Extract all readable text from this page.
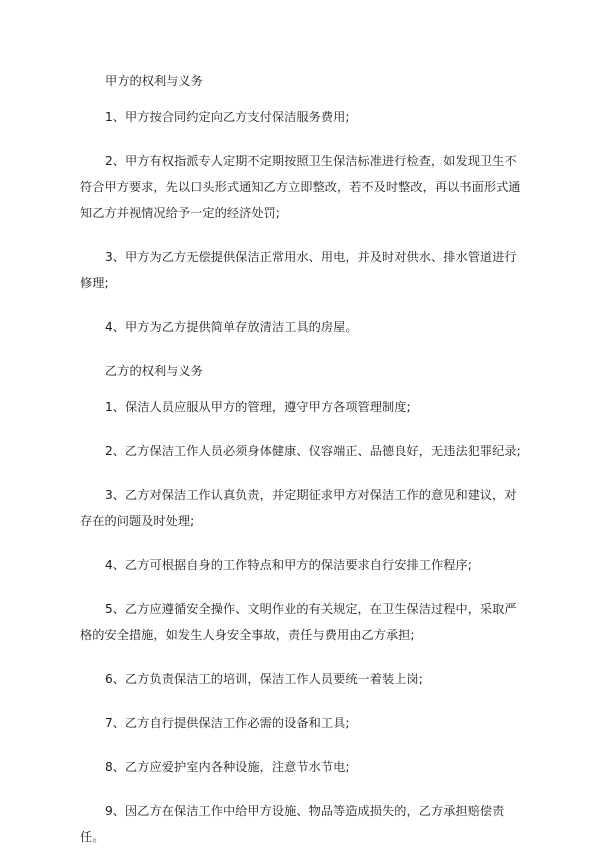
甲方的权利与义务

1、甲方按合同约定向乙方支付保洁服务费用;

2、甲方有权指派专人定期不定期按照卫生保洁标准进行检查，如发现卫生不符合甲方要求，先以口头形式通知乙方立即整改，若不及时整改，再以书面形式通知乙方并视情况给予一定的经济处罚;

3、甲方为乙方无偿提供保洁正常用水、用电，并及时对供水、排水管道进行修理;

4、甲方为乙方提供简单存放清洁工具的房屋。

乙方的权利与义务

1、保洁人员应服从甲方的管理，遵守甲方各项管理制度;

2、乙方保洁工作人员必须身体健康、仪容端正、品德良好，无违法犯罪纪录;

3、乙方对保洁工作认真负责，并定期征求甲方对保洁工作的意见和建议，对存在的问题及时处理;

4、乙方可根据自身的工作特点和甲方的保洁要求自行安排工作程序;

5、乙方应遵循安全操作、文明作业的有关规定，在卫生保洁过程中，采取严格的安全措施，如发生人身安全事故，责任与费用由乙方承担;

6、乙方负责保洁工的培训，保洁工作人员要统一着装上岗;

7、乙方自行提供保洁工作必需的设备和工具;

8、乙方应爱护室内各种设施，注意节水节电;

9、因乙方在保洁工作中给甲方设施、物品等造成损失的，乙方承担赔偿责任。
